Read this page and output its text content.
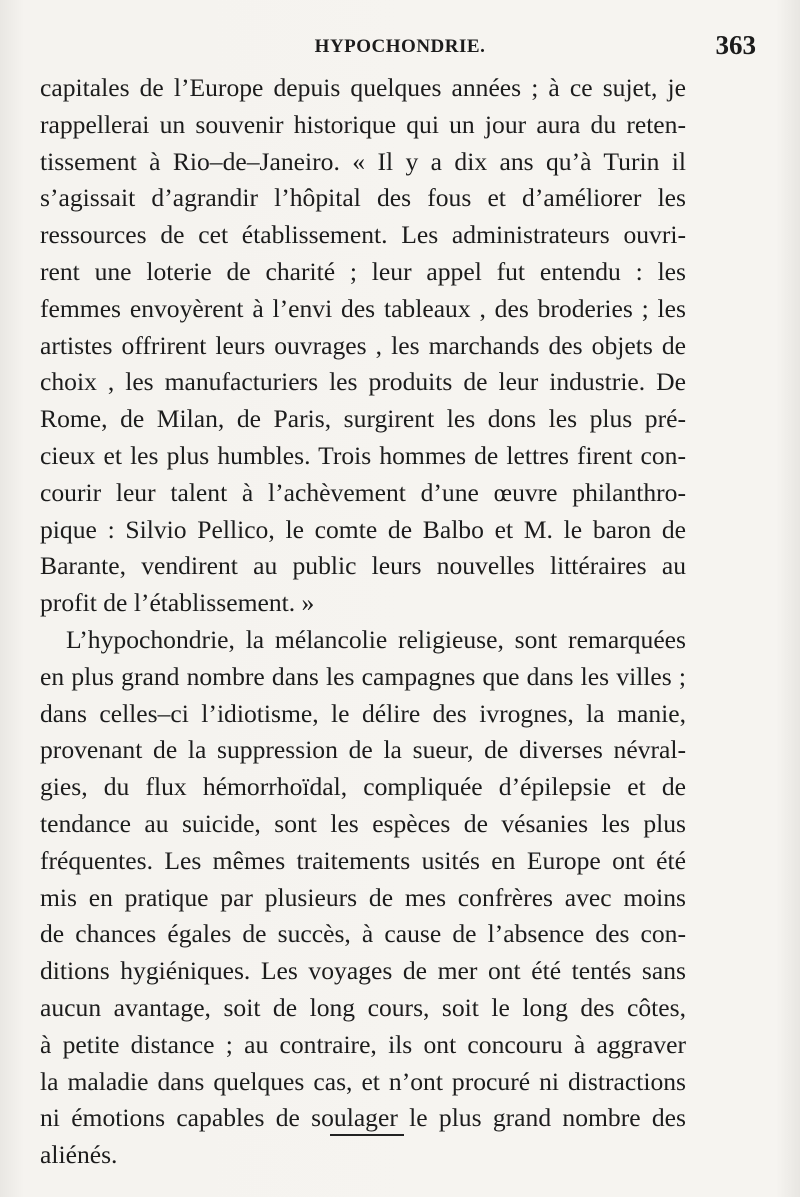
HYPOCHONDRIE.	363
capitales de l’Europe depuis quelques années ; à ce sujet, je
rappellerai un souvenir historique qui un jour aura du reten-
tissement à Rio–de–Janeiro. « Il y a dix ans qu’à Turin il
s’agissait d’agrandir l’hôpital des fous et d’améliorer les
ressources de cet établissement. Les administrateurs ouvri-
rent une loterie de charité ; leur appel fut entendu : les
femmes envoyèrent à l’envi des tableaux , des broderies ; les
artistes offrirent leurs ouvrages , les marchands des objets de
choix , les manufacturiers les produits de leur industrie. De
Rome, de Milan, de Paris, surgirent les dons les plus pré-
cieux et les plus humbles. Trois hommes de lettres firent con-
courir leur talent à l’achèvement d’une œuvre philanthro-
pique : Silvio Pellico, le comte de Balbo et M. le baron de
Barante, vendirent au public leurs nouvelles littéraires au
profit de l’établissement. »
L’hypochondrie, la mélancolie religieuse, sont remarquées
en plus grand nombre dans les campagnes que dans les villes ;
dans celles–ci l’idiotisme, le délire des ivrognes, la manie,
provenant de la suppression de la sueur, de diverses névral-
gies, du flux hémorrhoïdal, compliquée d’épilepsie et de
tendance au suicide, sont les espèces de vésanies les plus
fréquentes. Les mêmes traitements usités en Europe ont été
mis en pratique par plusieurs de mes confrères avec moins
de chances égales de succès, à cause de l’absence des con-
ditions hygiéniques. Les voyages de mer ont été tentés sans
aucun avantage, soit de long cours, soit le long des côtes,
à petite distance ; au contraire, ils ont concouru à aggraver
la maladie dans quelques cas, et n’ont procuré ni distractions
ni émotions capables de soulager le plus grand nombre des
aliénés.
